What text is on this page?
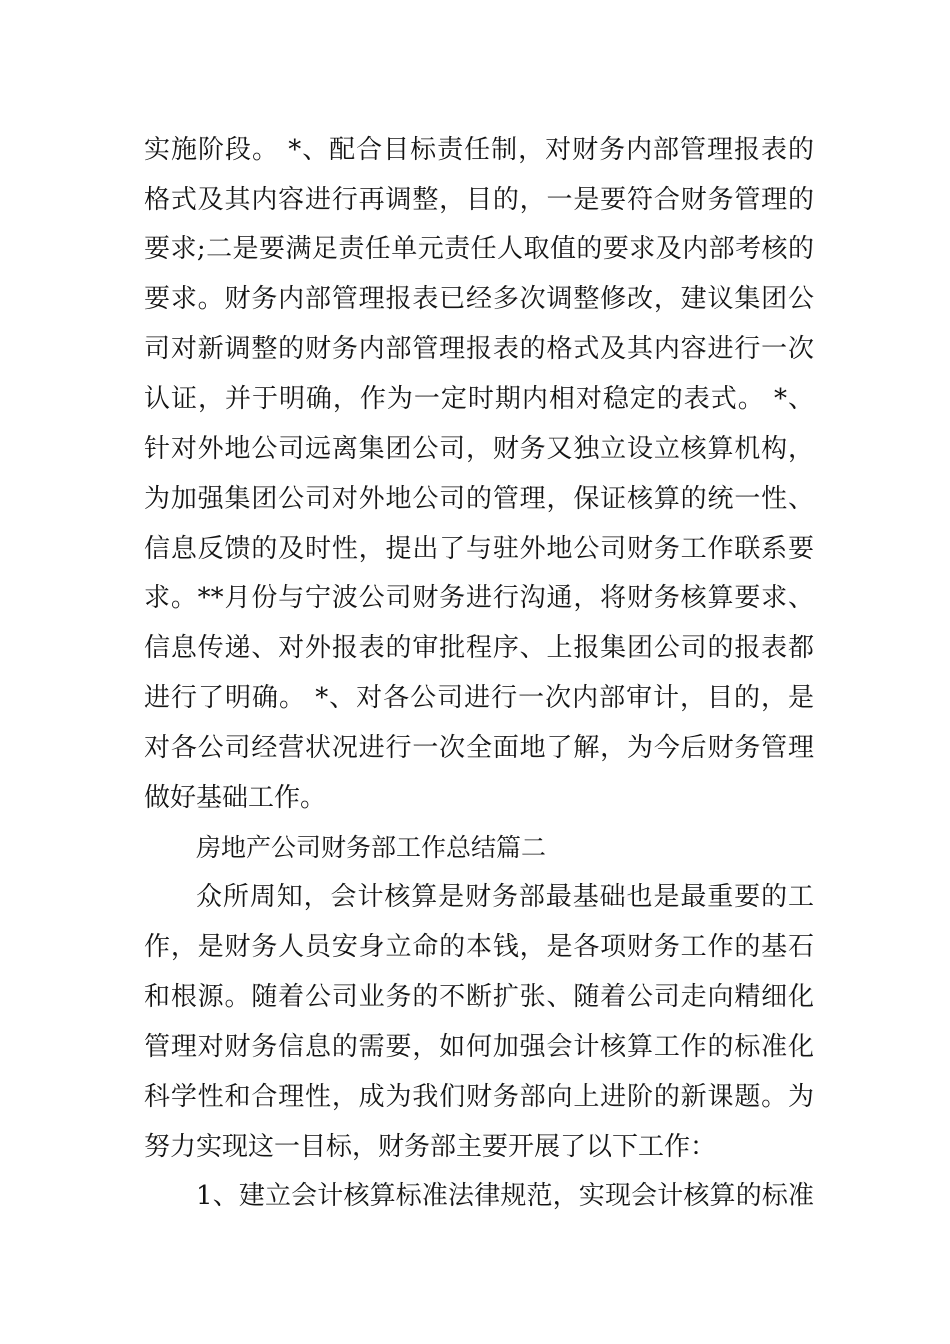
实施阶段。 *、配合目标责任制，对财务内部管理报表的
格式及其内容进行再调整，目的，一是要符合财务管理的
要求;二是要满足责任单元责任人取值的要求及内部考核的
要求。财务内部管理报表已经多次调整修改，建议集团公
司对新调整的财务内部管理报表的格式及其内容进行一次
认证，并于明确，作为一定时期内相对稳定的表式。 *、
针对外地公司远离集团公司，财务又独立设立核算机构，
为加强集团公司对外地公司的管理，保证核算的统一性、
信息反馈的及时性，提出了与驻外地公司财务工作联系要
求。**月份与宁波公司财务进行沟通，将财务核算要求、
信息传递、对外报表的审批程序、上报集团公司的报表都
进行了明确。 *、对各公司进行一次内部审计，目的，是
对各公司经营状况进行一次全面地了解，为今后财务管理
做好基础工作。
房地产公司财务部工作总结篇二
众所周知，会计核算是财务部最基础也是最重要的工
作，是财务人员安身立命的本钱，是各项财务工作的基石
和根源。随着公司业务的不断扩张、随着公司走向精细化
管理对财务信息的需要，如何加强会计核算工作的标准化
科学性和合理性，成为我们财务部向上进阶的新课题。为
努力实现这一目标，财务部主要开展了以下工作：
1、建立会计核算标准法律规范，实现会计核算的标准
